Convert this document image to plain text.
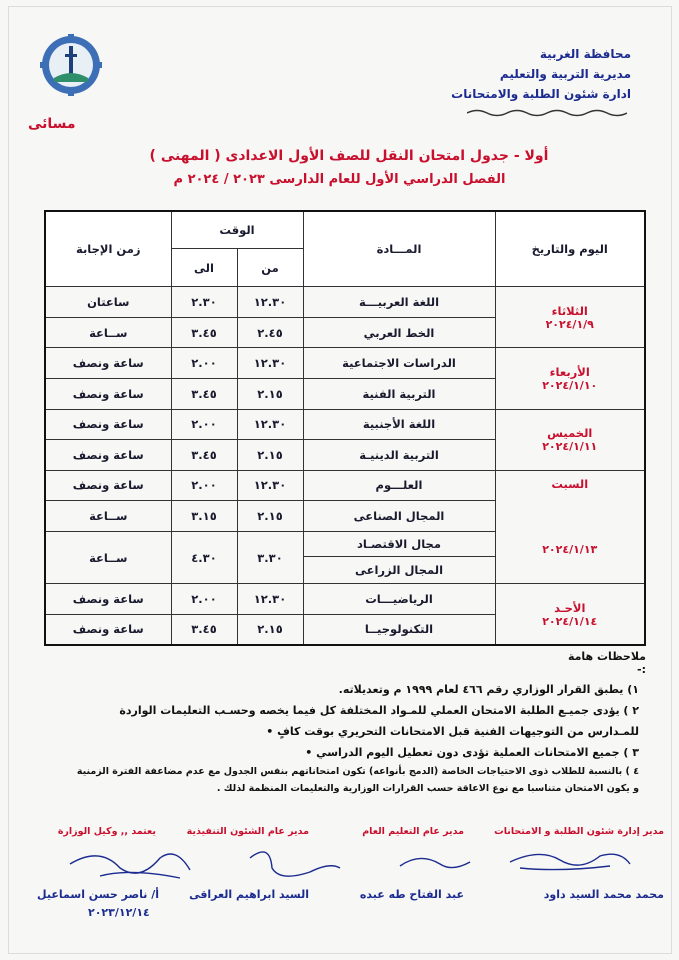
محافظة الغربية
مديرية التربية والتعليم
ادارة شئون الطلبة والامتحانات
مسائى
أولا - جدول امتحان النقل للصف الأول الاعدادى ( المهنى )
الفصل الدراسي الأول للعام الدارسى ٢٠٢٣ / ٢٠٢٤ م
اليوم والتاريخ	المـــادة	الوقت		زمن الإجابة
		من	الى	

الثلاثاء
٢٠٢٤/١/٩	اللغة العربيـــة	١٢.٣٠	٢.٣٠	ساعتان
	الخط العربي	٢.٤٥	٣.٤٥	ســاعة

الأربعاء
٢٠٢٤/١/١٠	الدراسات الاجتماعية	١٢.٣٠	٢.٠٠	ساعة ونصف
	التربية الفنية	٢.١٥	٣.٤٥	ساعة ونصف

الخميس
٢٠٢٤/١/١١	اللغة الأجنبية	١٢.٣٠	٢.٠٠	ساعة ونصف
	التربية الدينيـة	٢.١٥	٣.٤٥	ساعة ونصف

السبت
٢٠٢٤/١/١٣	العلـــوم	١٢.٣٠	٢.٠٠	ساعة ونصف
	المجال الصناعى	٢.١٥	٣.١٥	ســاعة
	مجال الاقتصـاد	٣.٣٠	٤.٣٠	ســاعة
	المجال الزراعى			

الأحـد
٢٠٢٤/١/١٤	الرياضيـــات	١٢.٣٠	٢.٠٠	ساعة ونصف
	التكنولوجيــا	٢.١٥	٣.٤٥	ساعة ونصف
ملاحظات هامة :-

١) يطبق القرار الوزاري رقم ٤٦٦ لعام ١٩٩٩ م وتعديلاته.

٢ ) يؤدى جميـع الطلبة الامتحان العملي للمـواد المختلفة كل فيما يخصه وحسـب التعليمات الواردة

للمـدارس من التوجيهات الفنية قبل الامتحانات التحريري بوقت كافٍ •

٣ ) جميع الامتحانات العملية تؤدى دون تعطيل اليوم الدراسي •

٤ ) بالنسبة للطلاب ذوى الاحتياجات الخاصة (الدمج بأنواعه) تكون امتحاناتهم بنفس الجدول مع عدم مضاعفة الفترة الزمنية

و يكون الامتحان متناسبا مع نوع الاعاقة حسب القرارات الوزارية والتعليمات المنظمة لذلك .

مدير إدارة شئون الطلبة و الامتحانات
مدير عام التعليم العام
مدير عام الشئون التنفيذية
يعتمد ,, وكيل الوزارة
محمد محمد السيد داود
عبد الفتاح طه عبده
السيد ابراهيم العراقى
أ/ ناصر حسن اسماعيل
٢٠٢٣/١٢/١٤
